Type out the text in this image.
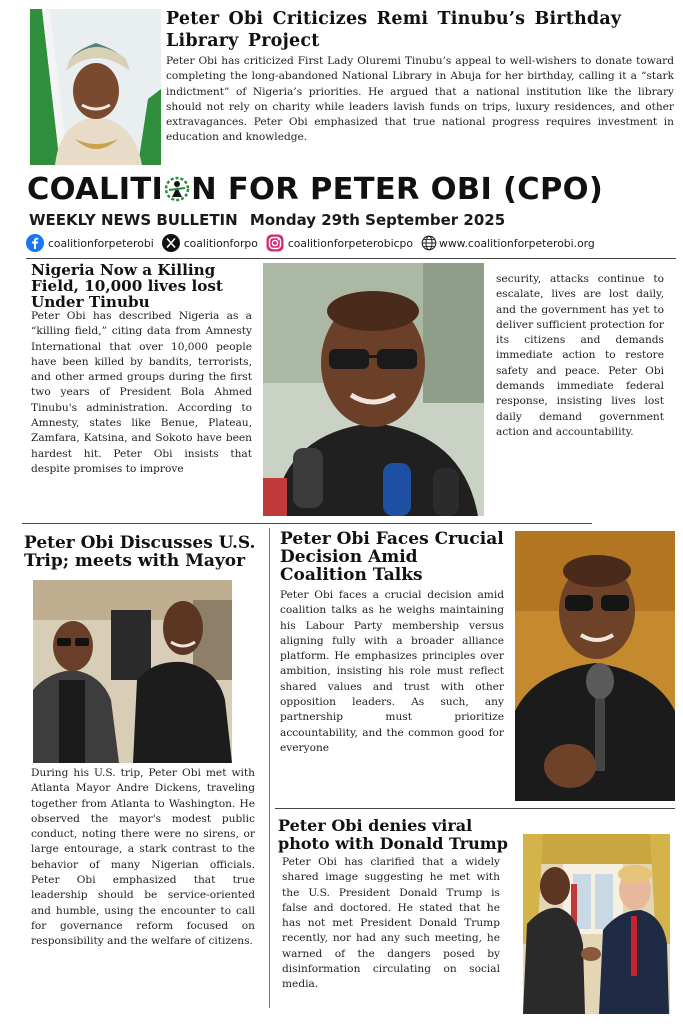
Peter Obi Criticizes Remi Tinubu’s Birthday Library Project
Peter Obi has criticized First Lady Oluremi Tinubu’s appeal to well-wishers to donate toward completing the long-abandoned National Library in Abuja for her birthday, calling it a “stark indictment” of Nigeria’s priorities. He argued that a national institution like the library should not rely on charity while leaders lavish funds on trips, luxury residences, and other extravagances. Peter Obi emphasized that true national progress requires investment in education and knowledge.
COALITI N FOR PETER OBI (CPO)
WEEKLY NEWS BULLETIN Monday 29th September 2025
coalitionforpeterobi	coalitionforpo	coalitionforpeterobicpo www.coalitionforpeterobi.org
Nigeria Now a Killing Field, 10,000 lives lost Under Tinubu
Peter Obi has described Nigeria as a “killing field,” citing data from Amnesty International that over 10,000 people have been killed by bandits, terrorists, and other armed groups during the first two years of President Bola Ahmed Tinubu's administration. According to Amnesty, states like Benue, Plateau, Zamfara, Katsina, and Sokoto have been hardest hit. Peter Obi insists that despite promises to improve
security, attacks continue to escalate, lives are lost daily, and the government has yet to deliver sufficient protection for its citizens and demands immediate action to restore safety and peace. Peter Obi demands immediate federal response, insisting lives lost daily demand government action and accountability.
Peter Obi Discusses U.S. Trip; meets with Mayor
During his U.S. trip, Peter Obi met with Atlanta Mayor Andre Dickens, traveling together from Atlanta to Washington. He observed the mayor's modest public conduct, noting there were no sirens, or large entourage, a stark contrast to the behavior of many Nigerian officials. Peter Obi emphasized that true leadership should be service-oriented and humble, using the encounter to call for governance reform focused on responsibility and the welfare of citizens.
Peter Obi Faces Crucial Decision Amid Coalition Talks
Peter Obi faces a crucial decision amid coalition talks as he weighs maintaining his Labour Party membership versus aligning fully with a broader alliance platform. He emphasizes principles over ambition, insisting his role must reflect shared values and trust with other opposition leaders. As such, any partnership must prioritize accountability, and the common good for everyone
Peter Obi denies viral photo with Donald Trump
Peter Obi has clarified that a widely shared image suggesting he met with the U.S. President Donald Trump is false and doctored. He stated that he has not met President Donald Trump recently, nor had any such meeting, he warned of the dangers posed by disinformation circulating on social media.
